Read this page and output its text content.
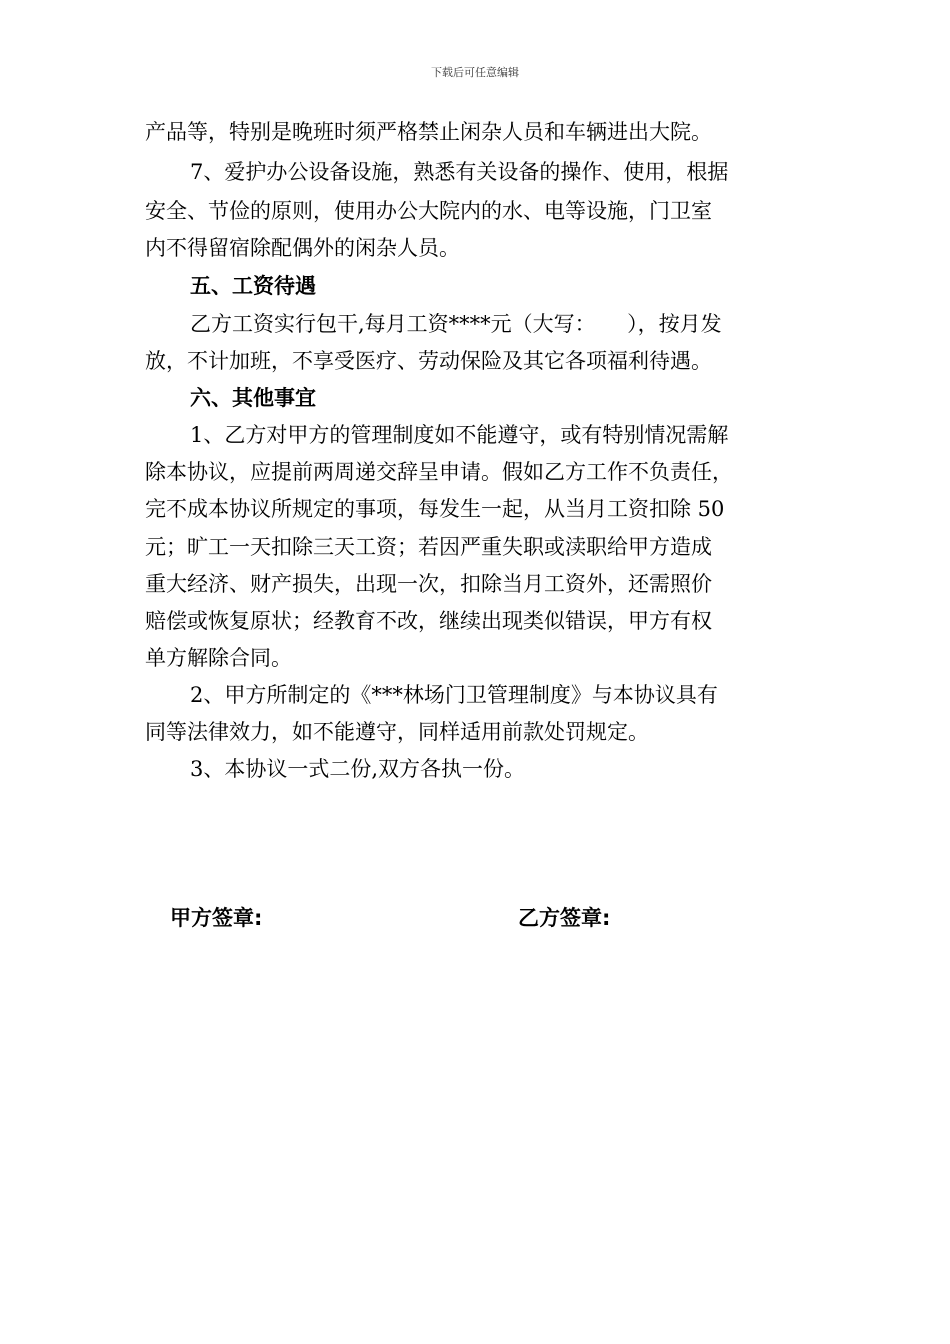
下载后可任意编辑
产品等，特别是晚班时须严格禁止闲杂人员和车辆进出大院。
7、爱护办公设备设施，熟悉有关设备的操作、使用，根据
安全、节俭的原则，使用办公大院内的水、电等设施，门卫室
内不得留宿除配偶外的闲杂人员。
五、工资待遇
乙方工资实行包干,每月工资****元（大写：　　），按月发
放，不计加班，不享受医疗、劳动保险及其它各项福利待遇。
六、其他事宜
1、乙方对甲方的管理制度如不能遵守，或有特别情况需解
除本协议，应提前两周递交辞呈申请。假如乙方工作不负责任，
完不成本协议所规定的事项，每发生一起，从当月工资扣除 50
元；旷工一天扣除三天工资；若因严重失职或渎职给甲方造成
重大经济、财产损失，出现一次，扣除当月工资外，还需照价
赔偿或恢复原状；经教育不改，继续出现类似错误，甲方有权
单方解除合同。
2、甲方所制定的《***林场门卫管理制度》与本协议具有
同等法律效力，如不能遵守，同样适用前款处罚规定。
3、本协议一式二份,双方各执一份。
甲方签章:	乙方签章:
